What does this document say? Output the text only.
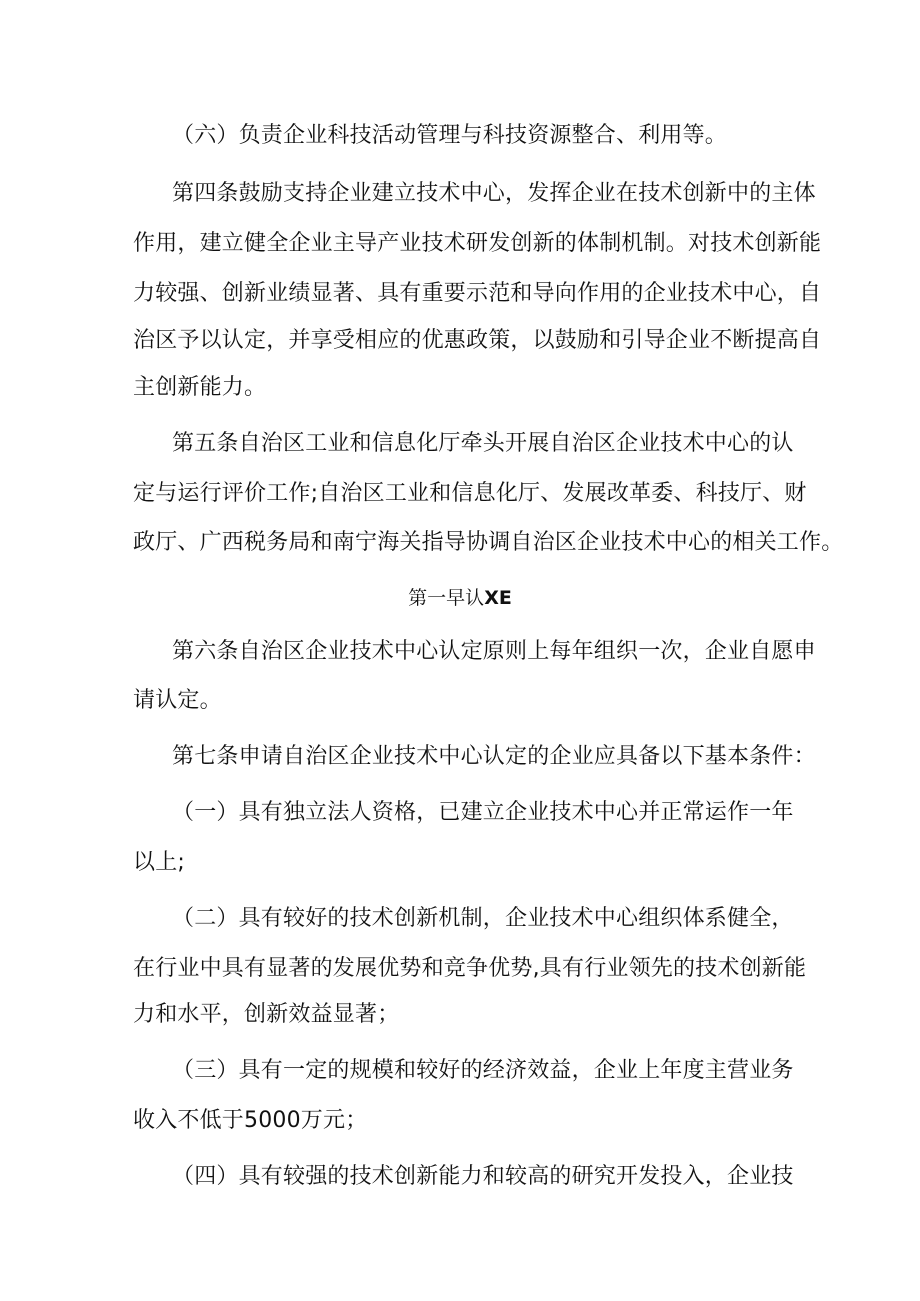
（六）负责企业科技活动管理与科技资源整合、利用等。
第四条鼓励支持企业建立技术中心，发挥企业在技术创新中的主体
作用，建立健全企业主导产业技术研发创新的体制机制。对技术创新能
力较强、创新业绩显著、具有重要示范和导向作用的企业技术中心，自
治区予以认定，并享受相应的优惠政策，以鼓励和引导企业不断提高自
主创新能力。
第五条自治区工业和信息化厅牵头开展自治区企业技术中心的认
定与运行评价工作;自治区工业和信息化厅、发展改革委、科技厅、财
政厅、广西税务局和南宁海关指导协调自治区企业技术中心的相关工作。
第一早认XE
第六条自治区企业技术中心认定原则上每年组织一次，企业自愿申
请认定。
第七条申请自治区企业技术中心认定的企业应具备以下基本条件：
（一）具有独立法人资格，已建立企业技术中心并正常运作一年
以上;
（二）具有较好的技术创新机制，企业技术中心组织体系健全，
在行业中具有显著的发展优势和竞争优势,具有行业领先的技术创新能
力和水平，创新效益显著；
（三）具有一定的规模和较好的经济效益，企业上年度主营业务
收入不低于5000万元；
（四）具有较强的技术创新能力和较高的研究开发投入，企业技
